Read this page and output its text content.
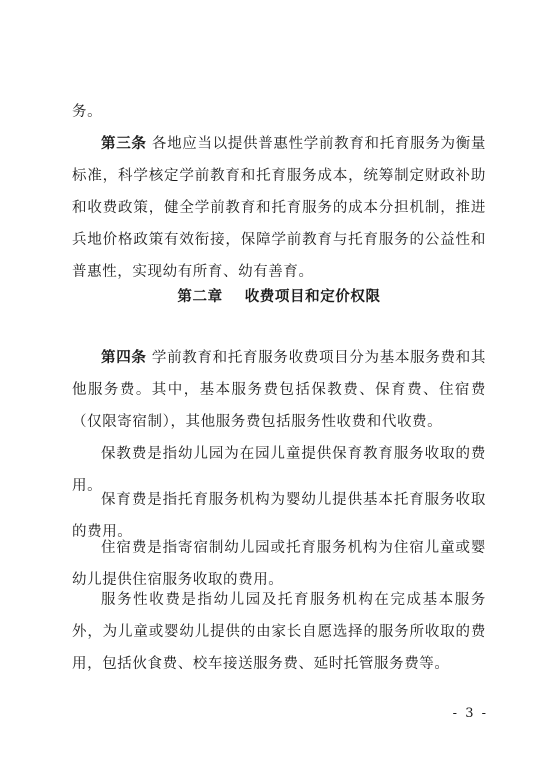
务。

第三条 各地应当以提供普惠性学前教育和托育服务为衡量标准，科学核定学前教育和托育服务成本，统筹制定财政补助和收费政策，健全学前教育和托育服务的成本分担机制，推进兵地价格政策有效衔接，保障学前教育与托育服务的公益性和普惠性，实现幼有所育、幼有善育。

第二章 收费项目和定价权限

第四条 学前教育和托育服务收费项目分为基本服务费和其他服务费。其中，基本服务费包括保教费、保育费、住宿费（仅限寄宿制），其他服务费包括服务性收费和代收费。

保教费是指幼儿园为在园儿童提供保育教育服务收取的费用。

保育费是指托育服务机构为婴幼儿提供基本托育服务收取的费用。

住宿费是指寄宿制幼儿园或托育服务机构为住宿儿童或婴幼儿提供住宿服务收取的费用。

服务性收费是指幼儿园及托育服务机构在完成基本服务外，为儿童或婴幼儿提供的由家长自愿选择的服务所收取的费用，包括伙食费、校车接送服务费、延时托管服务费等。

- 3 -
